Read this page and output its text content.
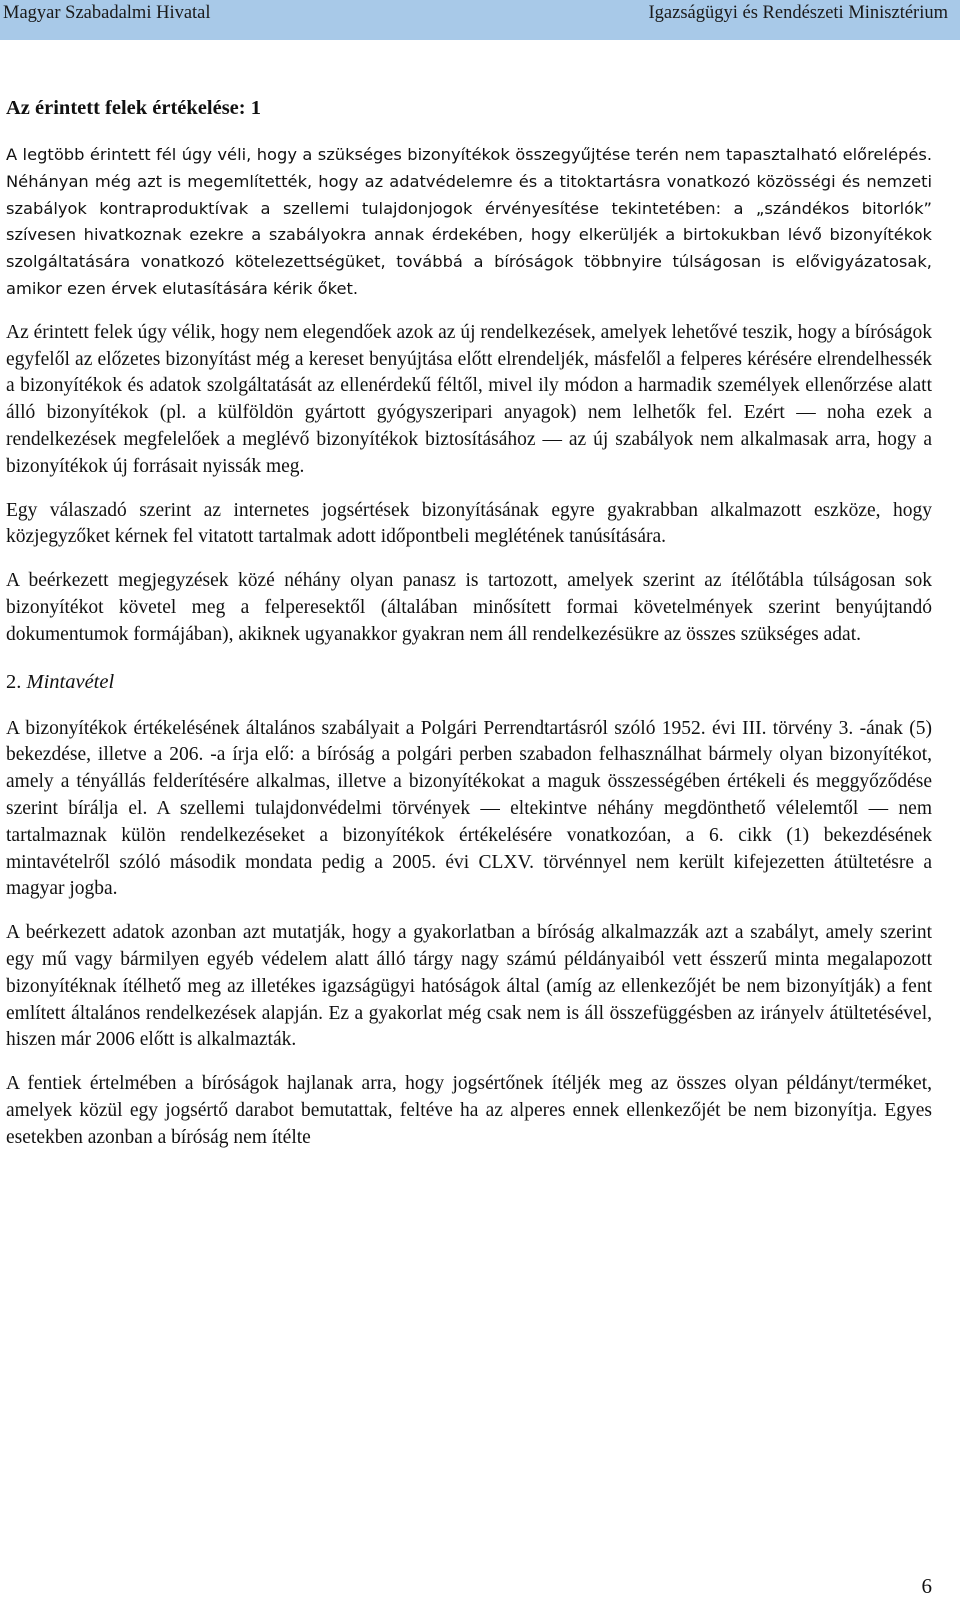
Magyar Szabadalmi Hivatal	Igazságügyi és Rendészeti Minisztérium
Az érintett felek értékelése: 1

A legtöbb érintett fél úgy véli, hogy a szükséges bizonyítékok összegyűjtése terén nem tapasztalható előrelépés. Néhányan még azt is megemlítették, hogy az adatvédelemre és a titoktartásra vonatkozó közösségi és nemzeti szabályok kontraproduktívak a szellemi tulajdonjogok érvényesítése tekintetében: a „szándékos bitorlók” szívesen hivatkoznak ezekre a szabályokra annak érdekében, hogy elkerüljék a birtokukban lévő bizonyítékok szolgáltatására vonatkozó kötelezettségüket, továbbá a bíróságok többnyire túlságosan is elővigyázatosak, amikor ezen érvek elutasítására kérik őket.

Az érintett felek úgy vélik, hogy nem elegendőek azok az új rendelkezések, amelyek lehetővé teszik, hogy a bíróságok egyfelől az előzetes bizonyítást még a kereset benyújtása előtt elrendeljék, másfelől a felperes kérésére elrendelhessék a bizonyítékok és adatok szolgáltatását az ellenérdekű féltől, mivel ily módon a harmadik személyek ellenőrzése alatt álló bizonyítékok (pl. a külföldön gyártott gyógyszeripari anyagok) nem lelhetők fel. Ezért ― noha ezek a rendelkezések megfelelőek a meglévő bizonyítékok biztosításához ― az új szabályok nem alkalmasak arra, hogy a bizonyítékok új forrásait nyissák meg.

Egy válaszadó szerint az internetes jogsértések bizonyításának egyre gyakrabban alkalmazott eszköze, hogy közjegyzőket kérnek fel vitatott tartalmak adott időpontbeli meglétének tanúsítására.

A beérkezett megjegyzések közé néhány olyan panasz is tartozott, amelyek szerint az ítélőtábla túlságosan sok bizonyítékot követel meg a felperesektől (általában minősített formai követelmények szerint benyújtandó dokumentumok formájában), akiknek ugyanakkor gyakran nem áll rendelkezésükre az összes szükséges adat.

2. Mintavétel

A bizonyítékok értékelésének általános szabályait a Polgári Perrendtartásról szóló 1952. évi III. törvény 3. -ának (5) bekezdése, illetve a 206. -a írja elő: a bíróság a polgári perben szabadon felhasználhat bármely olyan bizonyítékot, amely a tényállás felderítésére alkalmas, illetve a bizonyítékokat a maguk összességében értékeli és meggyőződése szerint bírálja el. A szellemi tulajdonvédelmi törvények ― eltekintve néhány megdönthető vélelemtől ― nem tartalmaznak külön rendelkezéseket a bizonyítékok értékelésére vonatkozóan, a 6. cikk (1) bekezdésének mintavételről szóló második mondata pedig a 2005. évi CLXV. törvénnyel nem került kifejezetten átültetésre a magyar jogba.

A beérkezett adatok azonban azt mutatják, hogy a gyakorlatban a bíróság alkalmazzák azt a szabályt, amely szerint egy mű vagy bármilyen egyéb védelem alatt álló tárgy nagy számú példányaiból vett ésszerű minta megalapozott bizonyítéknak ítélhető meg az illetékes igazságügyi hatóságok által (amíg az ellenkezőjét be nem bizonyítják) a fent említett általános rendelkezések alapján. Ez a gyakorlat még csak nem is áll összefüggésben az irányelv átültetésével, hiszen már 2006 előtt is alkalmazták.

A fentiek értelmében a bíróságok hajlanak arra, hogy jogsértőnek ítéljék meg az összes olyan példányt/terméket, amelyek közül egy jogsértő darabot bemutattak, feltéve ha az alperes ennek ellenkezőjét be nem bizonyítja. Egyes esetekben azonban a bíróság nem ítélte

6
